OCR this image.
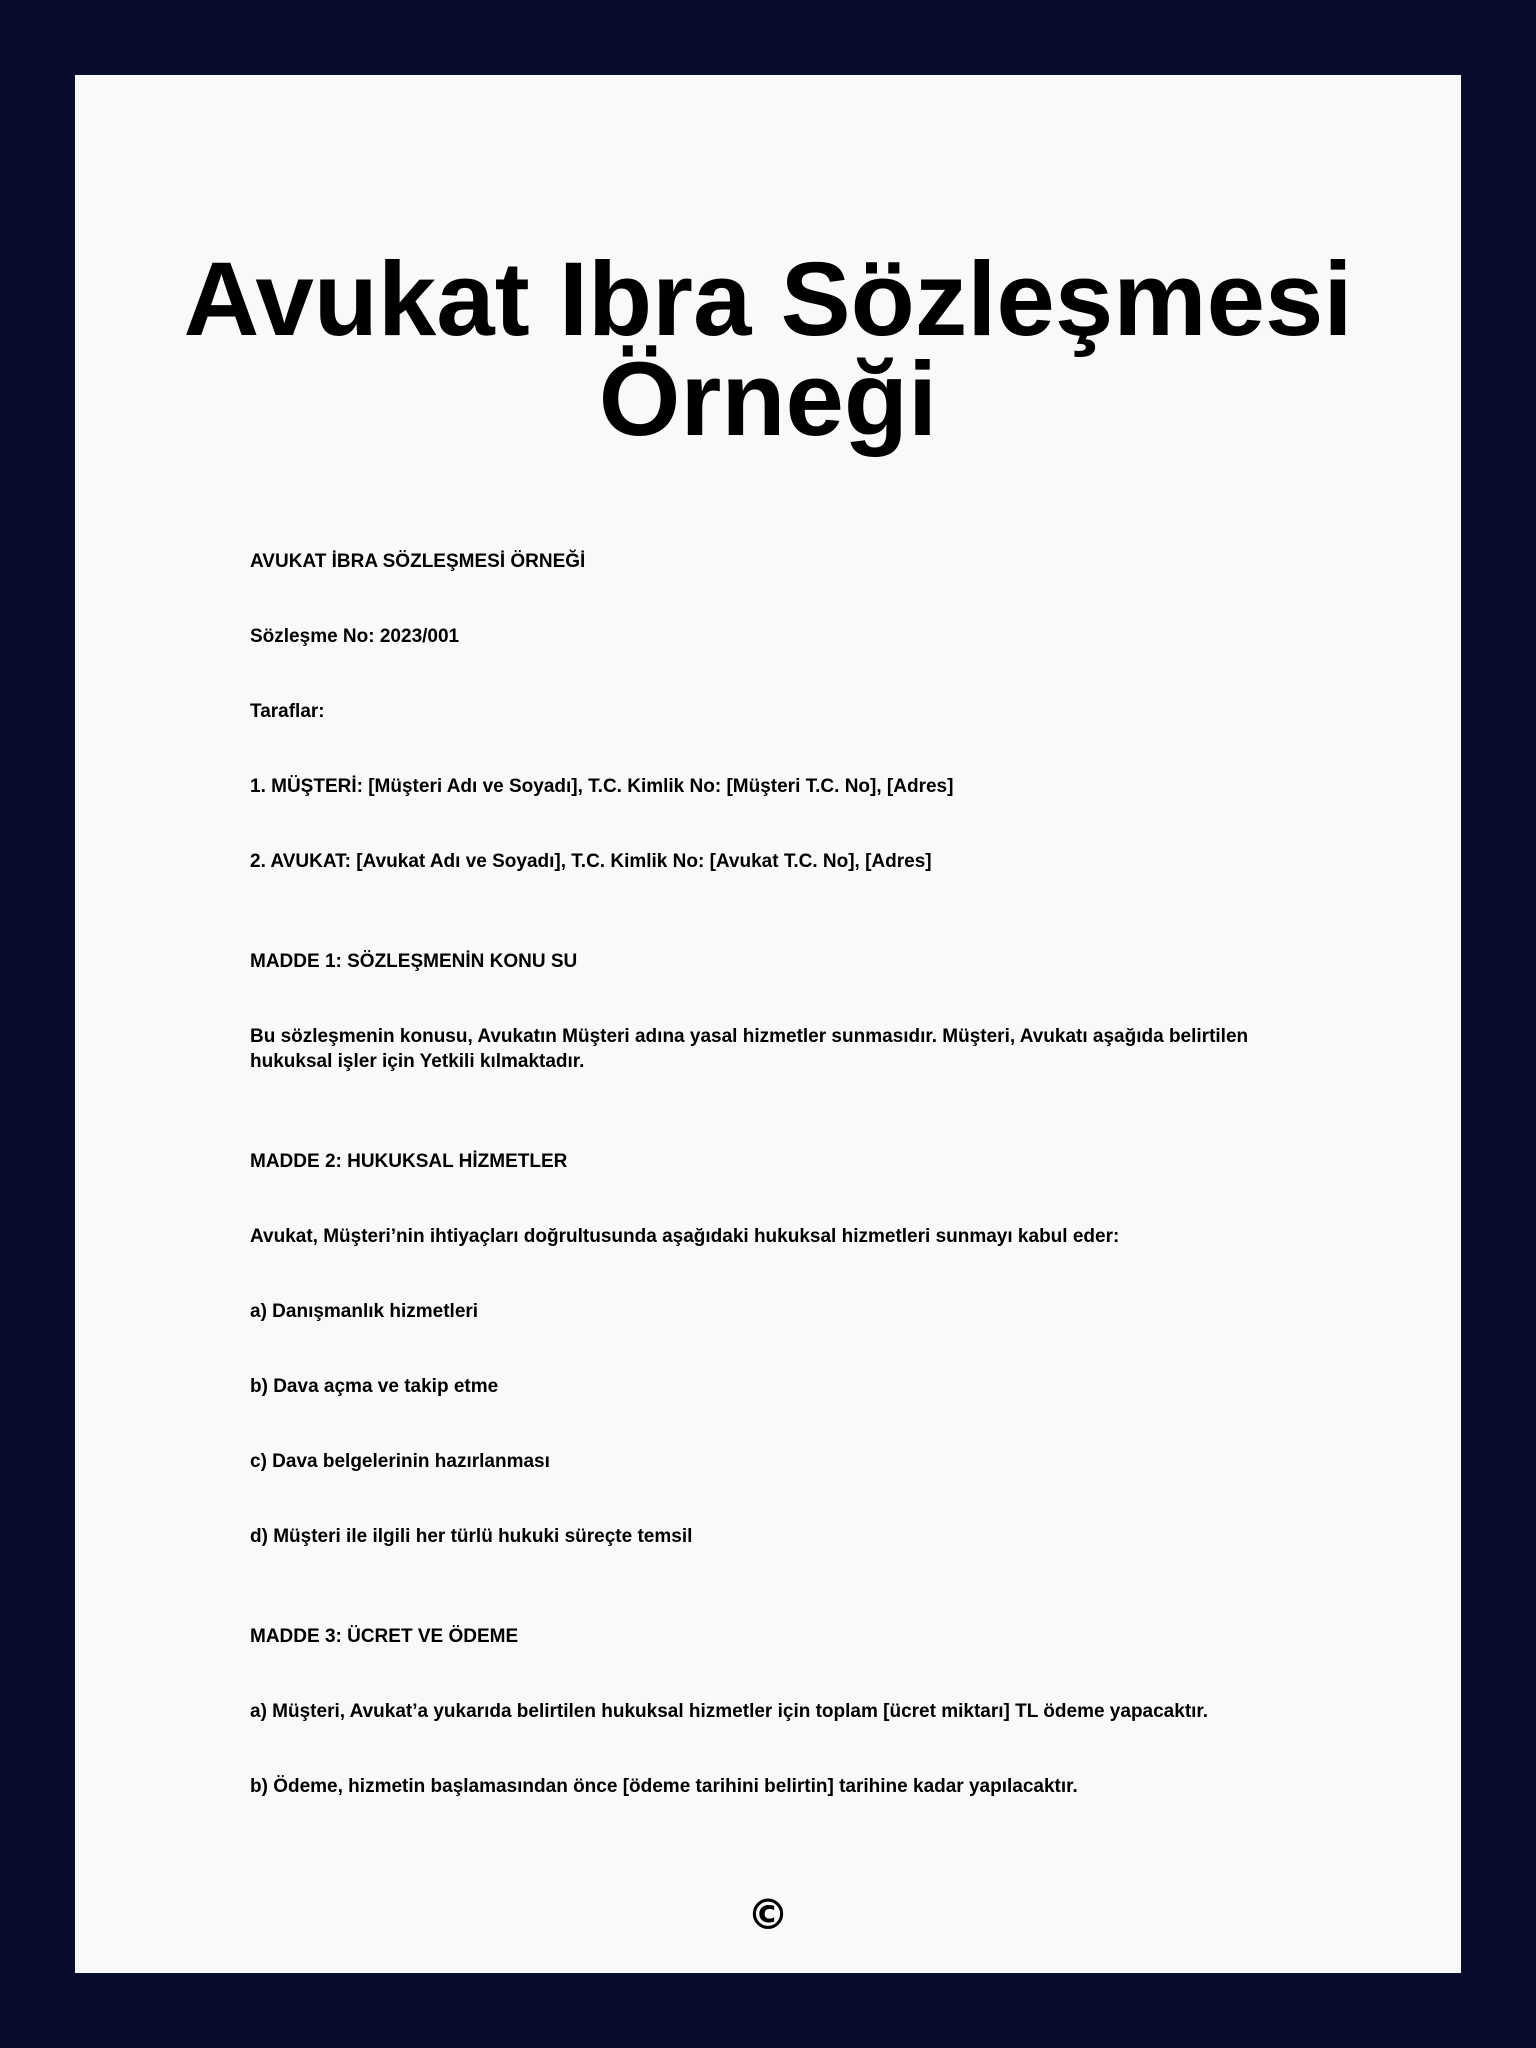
Avukat Ibra Sözleşmesi Örneği

AVUKAT İBRA SÖZLEŞMESİ ÖRNEĞİ

Sözleşme No: 2023/001

Taraflar:

1. MÜŞTERİ: [Müşteri Adı ve Soyadı], T.C. Kimlik No: [Müşteri T.C. No], [Adres]

2. AVUKAT: [Avukat Adı ve Soyadı], T.C. Kimlik No: [Avukat T.C. No], [Adres]

MADDE 1: SÖZLEŞMENİN KONU SU

Bu sözleşmenin konusu, Avukatın Müşteri adına yasal hizmetler sunmasıdır. Müşteri, Avukatı aşağıda belirtilen hukuksal işler için Yetkili kılmaktadır.

MADDE 2: HUKUKSAL HİZMETLER

Avukat, Müşteri’nin ihtiyaçları doğrultusunda aşağıdaki hukuksal hizmetleri sunmayı kabul eder:

a) Danışmanlık hizmetleri

b) Dava açma ve takip etme

c) Dava belgelerinin hazırlanması

d) Müşteri ile ilgili her türlü hukuki süreçte temsil

MADDE 3: ÜCRET VE ÖDEME

a) Müşteri, Avukat’a yukarıda belirtilen hukuksal hizmetler için toplam [ücret miktarı] TL ödeme yapacaktır.

b) Ödeme, hizmetin başlamasından önce [ödeme tarihini belirtin] tarihine kadar yapılacaktır.

©
